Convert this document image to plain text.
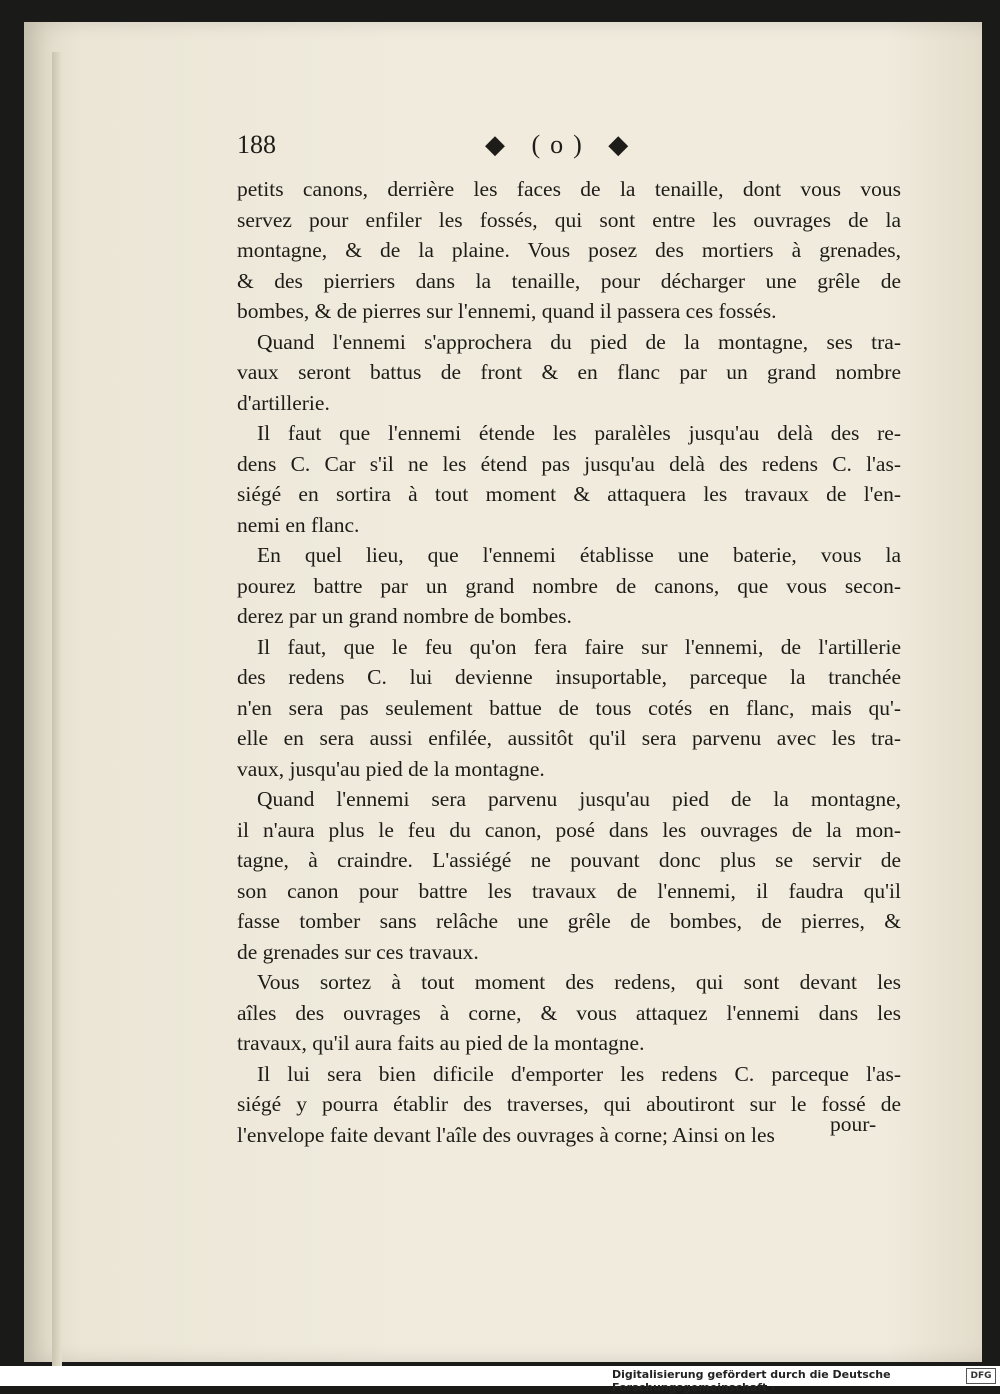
188	◆ (o) ◆
petits canons, derrière les faces de la tenaille, dont vous vous
servez pour enfiler les fossés, qui sont entre les ouvrages de la
montagne, & de la plaine. Vous posez des mortiers à grenades,
& des pierriers dans la tenaille, pour décharger une grêle de
bombes, & de pierres sur l'ennemi, quand il passera ces fossés.
Quand l'ennemi s'approchera du pied de la montagne, ses tra-
vaux seront battus de front & en flanc par un grand nombre
d'artillerie.
Il faut que l'ennemi étende les paralèles jusqu'au delà des re-
dens C. Car s'il ne les étend pas jusqu'au delà des redens C. l'as-
siégé en sortira à tout moment & attaquera les travaux de l'en-
nemi en flanc.
En quel lieu, que l'ennemi établisse une baterie, vous la
pourez battre par un grand nombre de canons, que vous secon-
derez par un grand nombre de bombes.
Il faut, que le feu qu'on fera faire sur l'ennemi, de l'artillerie
des redens C. lui devienne insuportable, parceque la tranchée
n'en sera pas seulement battue de tous cotés en flanc, mais qu'-
elle en sera aussi enfilée, aussitôt qu'il sera parvenu avec les tra-
vaux, jusqu'au pied de la montagne.
Quand l'ennemi sera parvenu jusqu'au pied de la montagne,
il n'aura plus le feu du canon, posé dans les ouvrages de la mon-
tagne, à craindre. L'assiégé ne pouvant donc plus se servir de
son canon pour battre les travaux de l'ennemi, il faudra qu'il
fasse tomber sans relâche une grêle de bombes, de pierres, &
de grenades sur ces travaux.
Vous sortez à tout moment des redens, qui sont devant les
aîles des ouvrages à corne, & vous attaquez l'ennemi dans les
travaux, qu'il aura faits au pied de la montagne.
Il lui sera bien dificile d'emporter les redens C. parceque l'as-
siégé y pourra établir des traverses, qui aboutiront sur le fossé de
l'envelope faite devant l'aîle des ouvrages à corne; Ainsi on les	pour-
Digitalisierung gefördert durch die Deutsche Forschungsgemeinschaft ·
DFG
